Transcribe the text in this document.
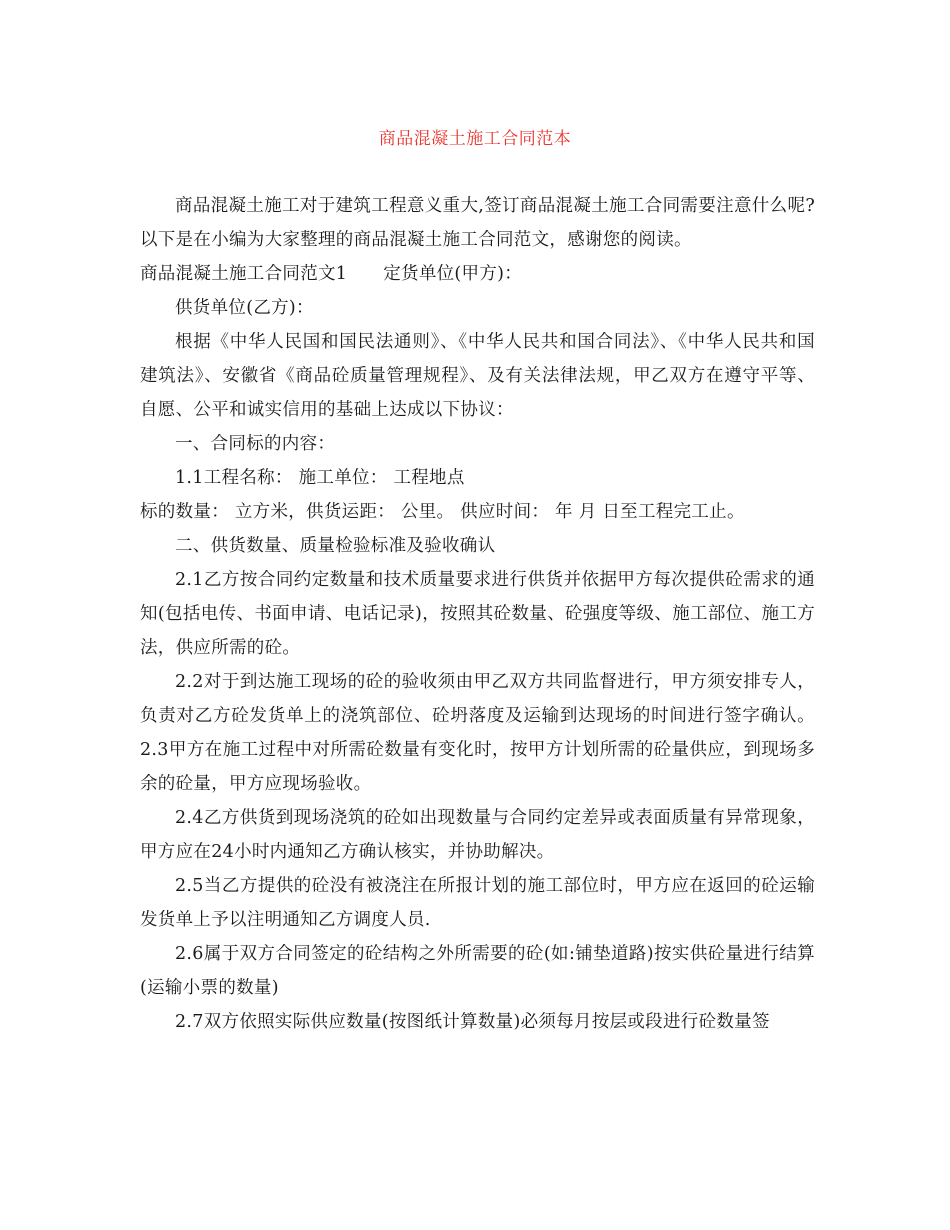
商品混凝土施工合同范本

商品混凝土施工对于建筑工程意义重大,签订商品混凝土施工合同需要注意什么呢?以下是在小编为大家整理的商品混凝土施工合同范文，感谢您的阅读。

商品混凝土施工合同范文1 定货单位(甲方)：

供货单位(乙方)：

根据《中华人民国和国民法通则》、《中华人民共和国合同法》、《中华人民共和国建筑法》、安徽省《商品砼质量管理规程》、及有关法律法规，甲乙双方在遵守平等、自愿、公平和诚实信用的基础上达成以下协议：

一、合同标的内容：

1.1工程名称： 施工单位： 工程地点

标的数量： 立方米，供货运距： 公里。 供应时间： 年 月 日至工程完工止。

二、供货数量、质量检验标准及验收确认

2.1乙方按合同约定数量和技术质量要求进行供货并依据甲方每次提供砼需求的通知(包括电传、书面申请、电话记录)，按照其砼数量、砼强度等级、施工部位、施工方法，供应所需的砼。

2.2对于到达施工现场的砼的验收须由甲乙双方共同监督进行，甲方须安排专人，负责对乙方砼发货单上的浇筑部位、砼坍落度及运输到达现场的时间进行签字确认。2.3甲方在施工过程中对所需砼数量有变化时，按甲方计划所需的砼量供应，到现场多余的砼量，甲方应现场验收。

2.4乙方供货到现场浇筑的砼如出现数量与合同约定差异或表面质量有异常现象，甲方应在24小时内通知乙方确认核实，并协助解决。

2.5当乙方提供的砼没有被浇注在所报计划的施工部位时，甲方应在返回的砼运输发货单上予以注明通知乙方调度人员.

2.6属于双方合同签定的砼结构之外所需要的砼(如:铺垫道路)按实供砼量进行结算(运输小票的数量)

2.7双方依照实际供应数量(按图纸计算数量)必须每月按层或段进行砼数量签
